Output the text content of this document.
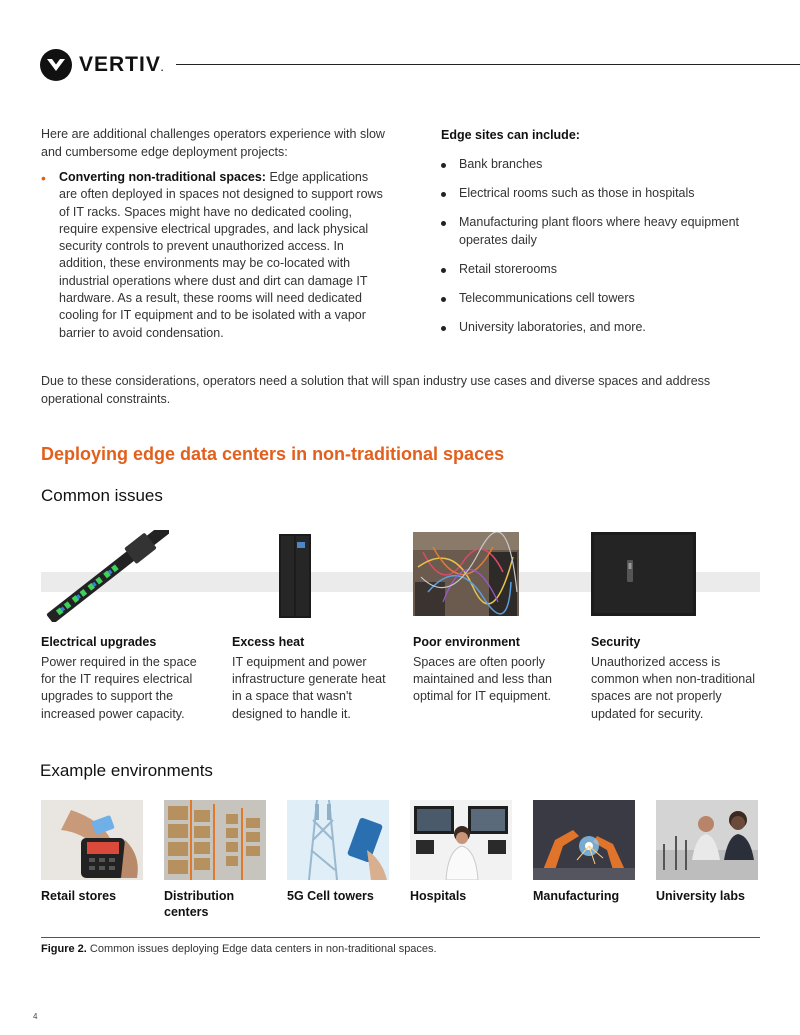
VERTIV.
Here are additional challenges operators experience with slow and cumbersome edge deployment projects:
• Converting non-traditional spaces: Edge applications are often deployed in spaces not designed to support rows of IT racks. Spaces might have no dedicated cooling, require expensive electrical upgrades, and lack physical security controls to prevent unauthorized access. In addition, these environments may be co-located with industrial operations where dust and dirt can damage IT hardware. As a result, these rooms will need dedicated cooling for IT equipment and to be isolated with a vapor barrier to avoid condensation.
Edge sites can include:
Bank branches
Electrical rooms such as those in hospitals
Manufacturing plant floors where heavy equipment operates daily
Retail storerooms
Telecommunications cell towers
University laboratories, and more.
Due to these considerations, operators need a solution that will span industry use cases and diverse spaces and address operational constraints.
Deploying edge data centers in non-traditional spaces
Common issues
Electrical upgrades
Power required in the space for the IT requires electrical upgrades to support the increased power capacity.
Excess heat
IT equipment and power infrastructure generate heat in a space that wasn't designed to handle it.
Poor environment
Spaces are often poorly maintained and less than optimal for IT equipment.
Security
Unauthorized access is common when non-traditional spaces are not properly updated for security.
Example environments
Retail stores	Distribution centers
5G Cell towers	Hospitals	Manufacturing	University labs
Figure 2. Common issues deploying Edge data centers in non-traditional spaces.
4
